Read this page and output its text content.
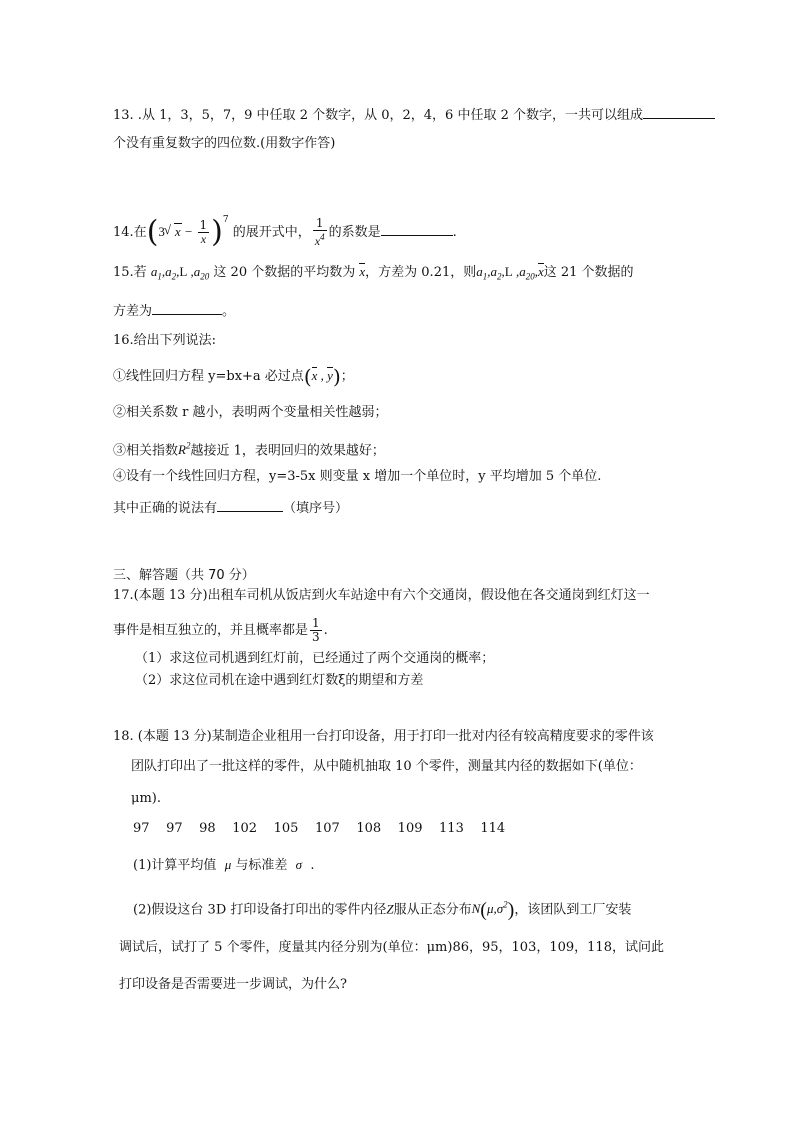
13. .从 1，3，5，7，9 中任取 2 个数字，从 0，2，4，6 中任取 2 个数字，一共可以组成
个没有重复数字的四位数.(用数字作答)
14.在(3√ $x - \frac{1}{x} )^7$ 的展开式中， $\frac{1}{x^4}$ 的系数是	.
15.若 $a_1,a_2,L$ $,a_{20}$ 这 20 个数据的平均数为 x，方差为 0.21，则$a_1,a_2,L$ $,a_{20},x$这 21 个数据的
方差为	。
16.给出下列说法:
①线性回归方程 y=bx+a 必过点(x , y)；
②相关系数 r 越小，表明两个变量相关性越弱；
③相关指数$R^2$越接近 1，表明回归的效果越好；
④设有一个线性回归方程，y=3-5x 则变量 x 增加一个单位时，y 平均增加 5 个单位.
其中正确的说法有	（填序号）
三、解答题（共 70 分）
17.(本题 13 分)出租车司机从饭店到火车站途中有六个交通岗，假设他在各交通岗到红灯这一
事件是相互独立的，并且概率都是 $\frac{1}{3}$ .
（1）求这位司机遇到红灯前，已经通过了两个交通岗的概率；
（2）求这位司机在途中遇到红灯数ξ的期望和方差
18. (本题 13 分)某制造企业租用一台打印设备，用于打印一批对内径有较高精度要求的零件该
团队打印出了一批这样的零件，从中随机抽取 10 个零件，测量其内径的数据如下(单位：
μm).
97 97 98 102 105 107 108 109 113 114
(1)计算平均值 μ 与标准差 σ .
(2)假设这台 3D 打印设备打印出的零件内径Z服从正态分布$N(\mu,\sigma^2)$，该团队到工厂安装
调试后，试打了 5 个零件，度量其内径分别为(单位：μm)86，95，103，109，118，试问此
打印设备是否需要进一步调试，为什么?
